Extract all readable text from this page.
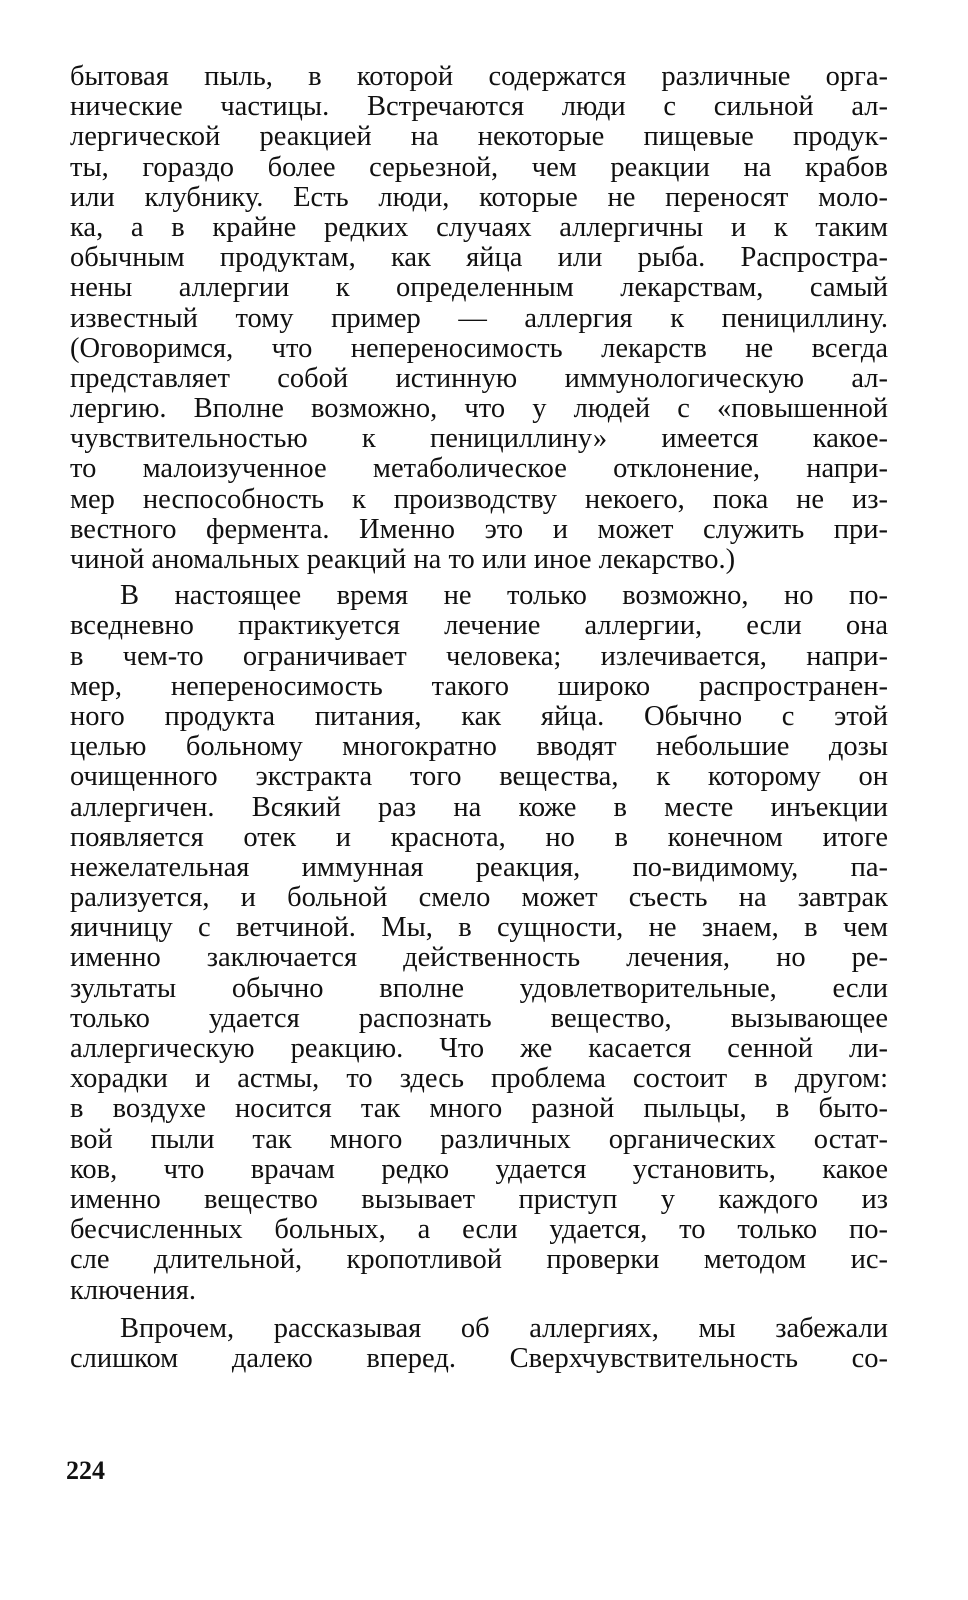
бытовая пыль, в которой содержатся различные орга-
нические частицы. Встречаются люди с сильной ал-
лергической реакцией на некоторые пищевые продук-
ты, гораздо более серьезной, чем реакции на крабов
или клубнику. Есть люди, которые не переносят моло-
ка, а в крайне редких случаях аллергичны и к таким
обычным продуктам, как яйца или рыба. Распростра-
нены аллергии к определенным лекарствам, самый
известный тому пример — аллергия к пенициллину.
(Оговоримся, что непереносимость лекарств не всегда
представляет собой истинную иммунологическую ал-
лергию. Вполне возможно, что у людей с «повышенной
чувствительностью к пенициллину» имеется какое-
то малоизученное метаболическое отклонение, напри-
мер неспособность к производству некоего, пока не из-
вестного фермента. Именно это и может служить при-
чиной аномальных реакций на то или иное лекарство.)
В настоящее время не только возможно, но по-
вседневно практикуется лечение аллергии, если она
в чем-то ограничивает человека; излечивается, напри-
мер, непереносимость такого широко распространен-
ного продукта питания, как яйца. Обычно с этой
целью больному многократно вводят небольшие дозы
очищенного экстракта того вещества, к которому он
аллергичен. Всякий раз на коже в месте инъекции
появляется отек и краснота, но в конечном итоге
нежелательная иммунная реакция, по-видимому, па-
рализуется, и больной смело может съесть на завтрак
яичницу с ветчиной. Мы, в сущности, не знаем, в чем
именно заключается действенность лечения, но ре-
зультаты обычно вполне удовлетворительные, если
только удается распознать вещество, вызывающее
аллергическую реакцию. Что же касается сенной ли-
хорадки и астмы, то здесь проблема состоит в другом:
в воздухе носится так много разной пыльцы, в быто-
вой пыли так много различных органических остат-
ков, что врачам редко удается установить, какое
именно вещество вызывает приступ у каждого из
бесчисленных больных, а если удается, то только по-
сле длительной, кропотливой проверки методом ис-
ключения.
Впрочем, рассказывая об аллергиях, мы забежали
слишком далеко вперед. Сверхчувствительность со-
224
